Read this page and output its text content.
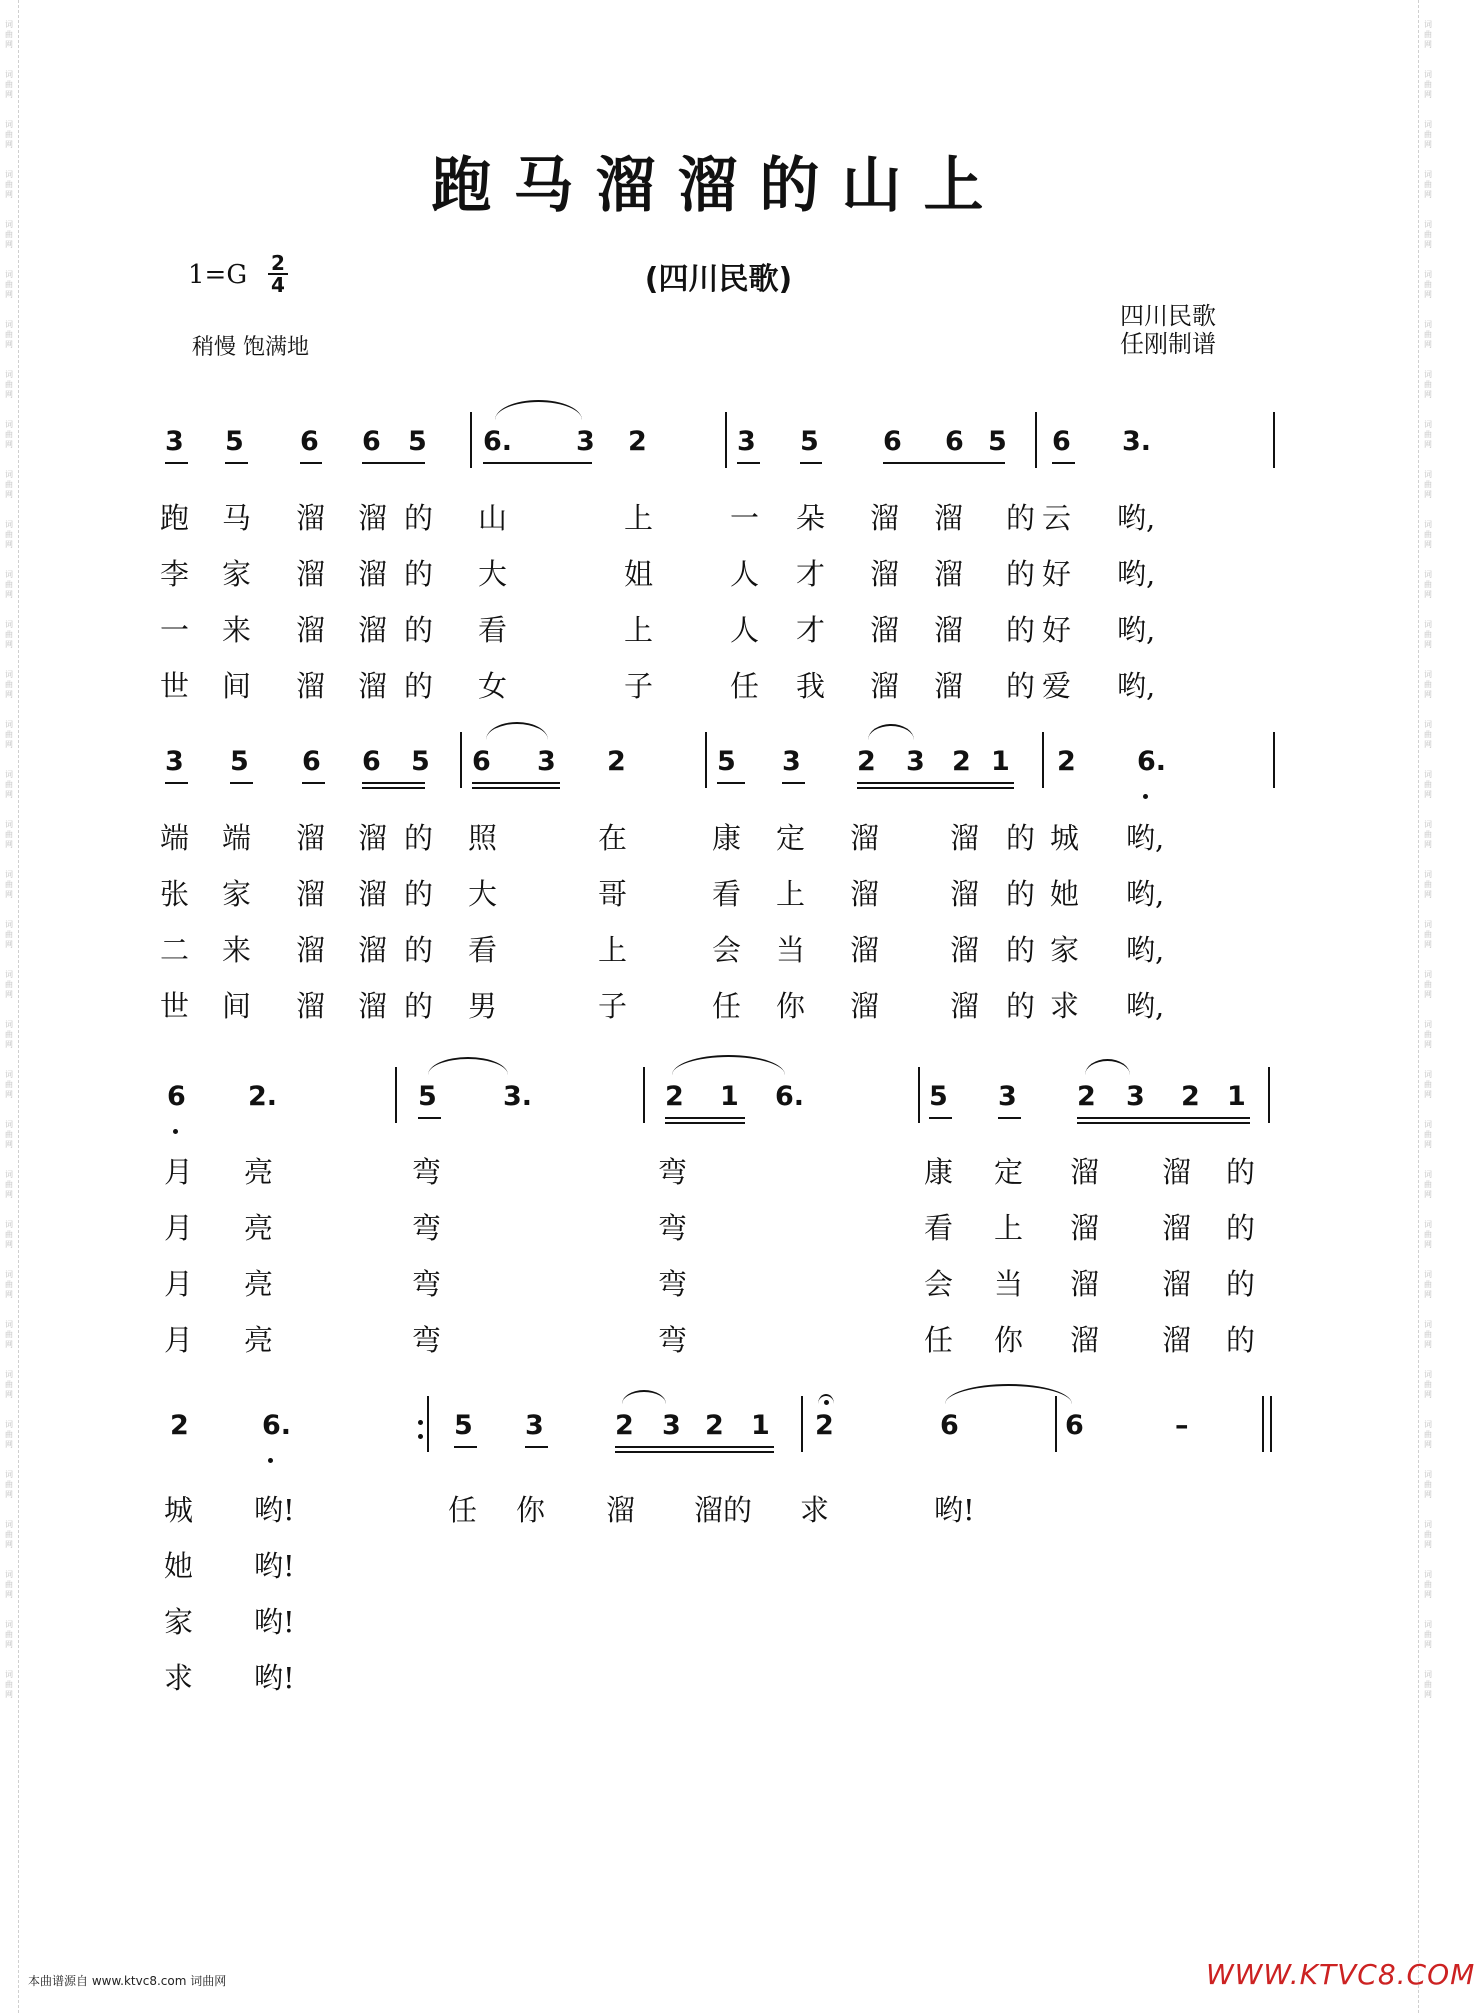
词
曲
网
词
曲
网
词
曲
网
词
曲
网
词
曲
网
词
曲
网
词
曲
网
词
曲
网
词
曲
网
词
曲
网
词
曲
网
词
曲
网
词
曲
网
词
曲
网
词
曲
网
词
曲
网
词
曲
网
词
曲
网
词
曲
网
词
曲
网
词
曲
网
词
曲
网
词
曲
网
词
曲
网
词
曲
网
词
曲
网
词
曲
网
词
曲
网
词
曲
网
词
曲
网
词
曲
网
词
曲
网
词
曲
网
词
曲
网
词
曲
网
词
曲
网
词
曲
网
词
曲
网
词
曲
网
词
曲
网
词
曲
网
词
曲
网
词
曲
网
词
曲
网
词
曲
网
词
曲
网
词
曲
网
词
曲
网
词
曲
网
词
曲
网
词
曲
网
词
曲
网
词
曲
网
词
曲
网
词
曲
网
词
曲
网
词
曲
网
词
曲
网
词
曲
网
词
曲
网
词
曲
网
词
曲
网
词
曲
网
词
曲
网
词
曲
网
词
曲
网
词
曲
网
词
曲
网
跑马溜溜的山上
(四川民歌)
$1=G \frac{2}{4}$
稍慢 饱满地
四川民歌
任刚制谱
3 5 6 6 5 6. 3 2	3 5 6 6 5 6 3.
跑 马 溜 溜 的 山	上	一 朵 溜 溜 的 云 哟,
李 家 溜 溜 的 大	姐	人 才 溜 溜 的 好 哟,
一 来 溜 溜 的 看	上	人 才 溜 溜 的 好 哟,
世 间 溜 溜 的 女	子	任 我 溜 溜 的 爱 哟,
3 5 6 6 5 6 3 2	5 3 2 3 2 1 2 6.
端 端 溜 溜 的 照	在	康 定 溜 溜 的 城 哟,
张 家 溜 溜 的 大	哥	看 上 溜 溜 的 她 哟,
二 来 溜 溜 的 看	上	会 当 溜 溜 的 家 哟,
世 间 溜 溜 的 男	子	任 你 溜 溜 的 求 哟,
6 2.	5 3.	2 1 6.	5 3 2 3 2 1
月 亮	弯	弯	康 定 溜 溜 的
月 亮	弯	弯	看 上 溜 溜 的
月 亮	弯	弯	会 当 溜 溜 的
月 亮	弯	弯	任 你 溜 溜 的
2	6.	5 3	2 3 2 1 2	6	6	–
城 哟!	任 你 溜 溜的 求	哟!
她 哟!
家 哟!
求 哟!
本曲谱源自 www.ktvc8.com 词曲网	WWW.KTVC8.COM
